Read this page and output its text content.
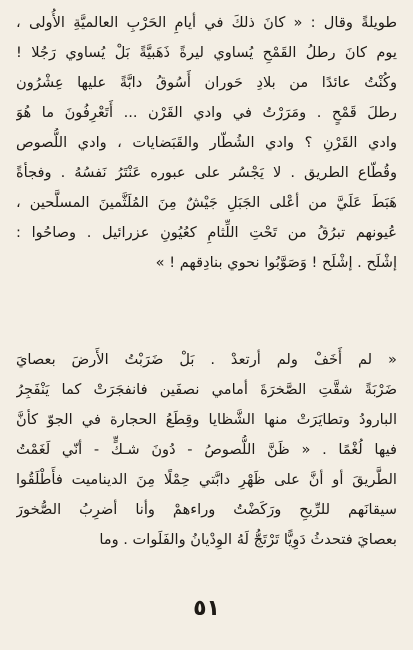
طويلةً وقال : « كانَ ذلكَ في أيامِ الحَرْبِ العالميَّةِ الأُولى ،
يوم كانَ رطلُ القَمْحِ يُساوي ليرةً ذَهَبيَّةً بَلْ يُساوي رَجُلا !
وكُنْتُ عائدًا من بلادِ حَوران أَسُوقُ دابَّةً عليها عِشْرُون
رطلَ قَمْحٍ . ومَرَرْتُ في وادي القَرْن ... أَتَعْرِفُونَ ما هُوَ
وادي القَرْنِ ؟ وادي الشُطّار والقَبَضايات ، وادي اللُّصوص
وقُطّاع الطريق . لا يَجْسُر على عبوره عَنْتَرُ نَفسُهُ . وفجأةً
هَبَطَ عَلَيَّ من أعْلى الجَبَلِ جَيْشٌ مِنَ المُلَثَّمينَ المسلَّحين ،
عُيونهم تبرُقُ من تَحْتِ اللِّثامِ كعُيُونِ عزرائيل . وصاحُوا :
إشْلَح . إشْلَح ! وَصَوَّبُوا نحوي بنادِقهم ! »
« لم أَخَفْ ولم أرتعدْ . بَلْ ضَرَبْتُ الأَرضَ بعصايَ
ضَرْبَةً شقَّتِ الصَّخرَةَ أمامي نصفَين فانفجَرَتْ كما يَنْفَجِرُ
البارودُ وتطايَرَتْ منها الشَّظايا وقِطَعُ الحجارة في الجوّ كأنَّ
فيها لُغْمًا . « ظَنَّ اللُّصوصُ - دُونَ شـكٍّ - أنّي لَغَمْتُ
الطَّريقَ أو أنَّ على ظَهْرِ دابَّتي حِمْلًا مِنَ الديناميت فأَطْلَقُوا
سيقانَهم للرِّيحِ ورَكَضْتُ وراءهمْ وأنا أضرِبُ الصُّخورَ
بعصايَ فتحدثُ دَوِيًّا تَرْتَجُّ لَهُ الوِدْيانُ والفَلَوات . وما
٥١
